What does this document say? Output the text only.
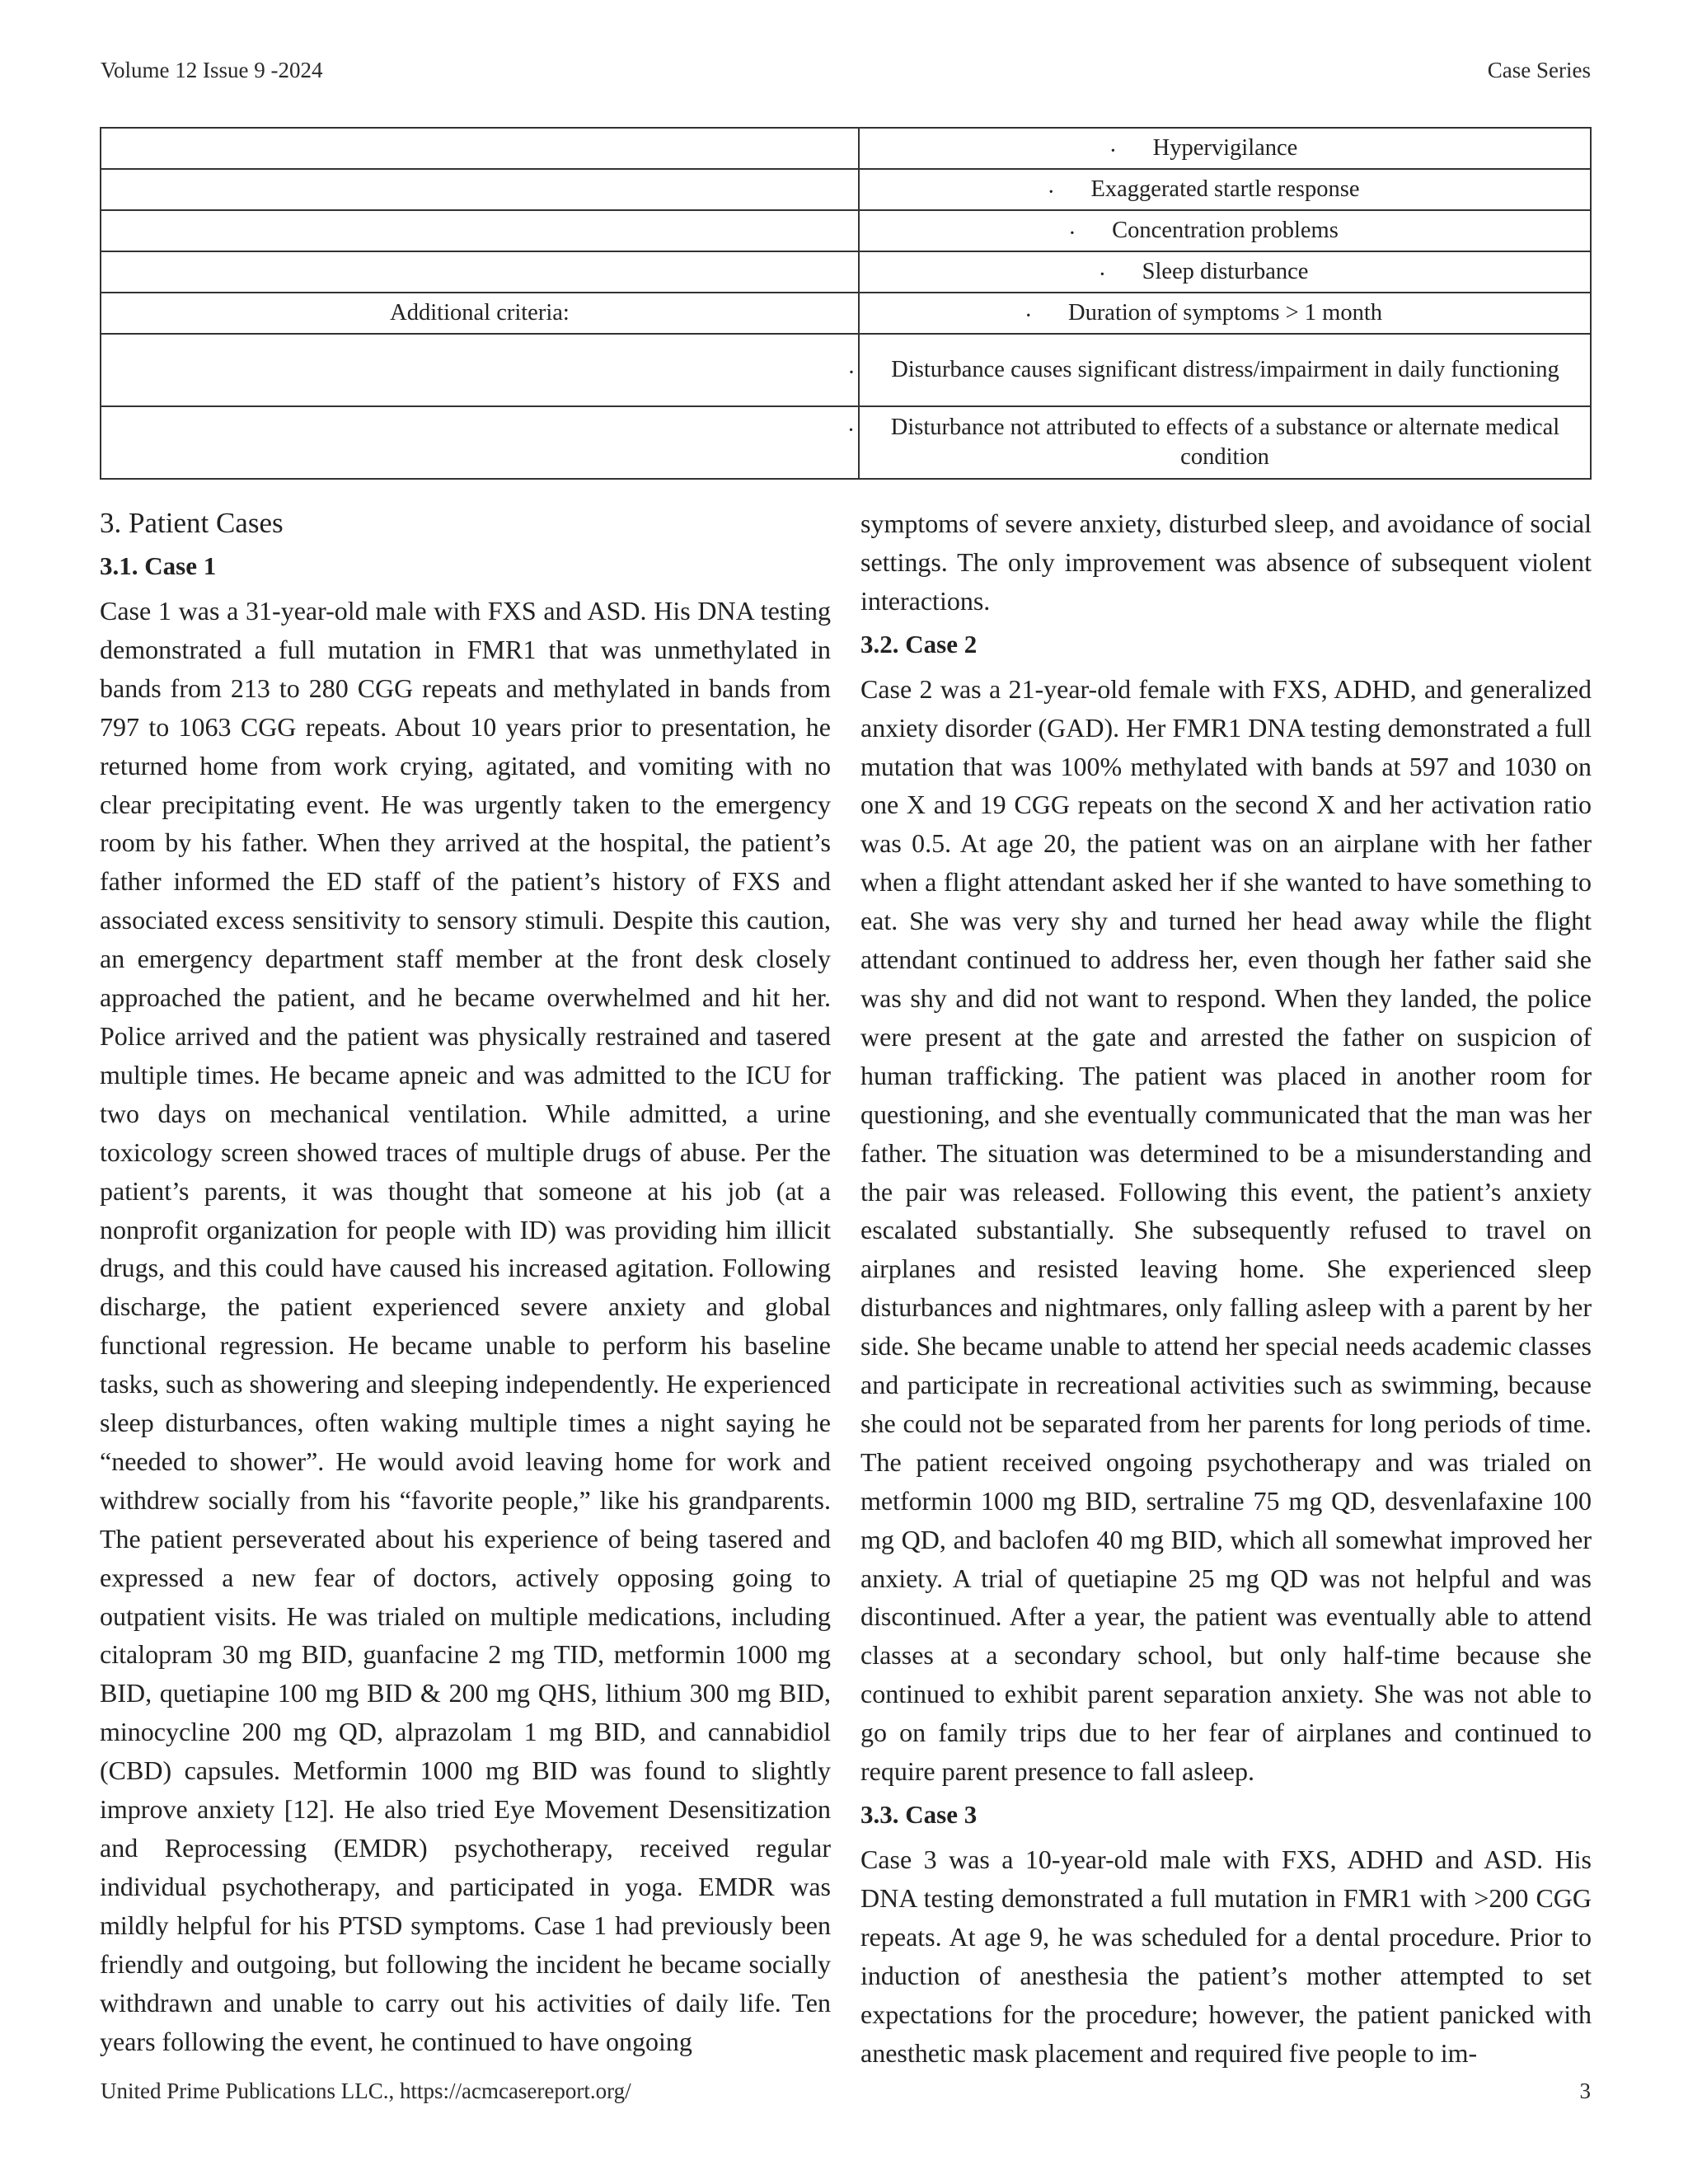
Volume 12 Issue 9 -2024	Case Series

	· Hypervigilance

	· Exaggerated startle response

	· Concentration problems

	· Sleep disturbance
Additional criteria:	· Duration of symptoms > 1 month

	· Disturbance causes significant distress/impairment in daily functioning

	· Disturbance not attributed to effects of a substance or alternate medical condition
3. Patient Cases
3.1. Case 1

Case 1 was a 31-year-old male with FXS and ASD. His DNA testing demonstrated a full mutation in FMR1 that was unmethylated in bands from 213 to 280 CGG repeats and methylated in bands from 797 to 1063 CGG repeats. About 10 years prior to presentation, he returned home from work crying, agitated, and vomiting with no clear precipitating event. He was urgently taken to the emergency room by his father. When they arrived at the hospital, the patient’s father informed the ED staff of the patient’s history of FXS and associated excess sensitivity to sensory stimuli. Despite this caution, an emergency department staff member at the front desk closely approached the patient, and he became overwhelmed and hit her. Police arrived and the patient was physically restrained and tasered multiple times. He became apneic and was admitted to the ICU for two days on mechanical ventilation. While admitted, a urine toxicology screen showed traces of multiple drugs of abuse. Per the patient’s parents, it was thought that someone at his job (at a nonprofit organization for people with ID) was providing him illicit drugs, and this could have caused his increased agitation. Following discharge, the patient experienced severe anxiety and global functional regression. He became unable to perform his baseline tasks, such as showering and sleeping independently. He experienced sleep disturbances, often waking multiple times a night saying he “needed to shower”. He would avoid leaving home for work and withdrew socially from his “favorite people,” like his grandparents. The patient perseverated about his experience of being tasered and expressed a new fear of doctors, actively opposing going to outpatient visits. He was trialed on multiple medications, including citalopram 30 mg BID, guanfacine 2 mg TID, metformin 1000 mg BID, quetiapine 100 mg BID & 200 mg QHS, lithium 300 mg BID, minocycline 200 mg QD, alprazolam 1 mg BID, and cannabidiol (CBD) capsules. Metformin 1000 mg BID was found to slightly improve anxiety [12]. He also tried Eye Movement Desensitization and Reprocessing (EMDR) psychotherapy, received regular individual psychotherapy, and participated in yoga. EMDR was mildly helpful for his PTSD symptoms. Case 1 had previously been friendly and outgoing, but following the incident he became socially withdrawn and unable to carry out his activities of daily life. Ten years following the event, he continued to have ongoing

symptoms of severe anxiety, disturbed sleep, and avoidance of social settings. The only improvement was absence of subsequent violent interactions.

3.2. Case 2

Case 2 was a 21-year-old female with FXS, ADHD, and generalized anxiety disorder (GAD). Her FMR1 DNA testing demonstrated a full mutation that was 100% methylated with bands at 597 and 1030 on one X and 19 CGG repeats on the second X and her activation ratio was 0.5. At age 20, the patient was on an airplane with her father when a flight attendant asked her if she wanted to have something to eat. She was very shy and turned her head away while the flight attendant continued to address her, even though her father said she was shy and did not want to respond. When they landed, the police were present at the gate and arrested the father on suspicion of human trafficking. The patient was placed in another room for questioning, and she eventually communicated that the man was her father. The situation was determined to be a misunderstanding and the pair was released. Following this event, the patient’s anxiety escalated substantially. She subsequently refused to travel on airplanes and resisted leaving home. She experienced sleep disturbances and nightmares, only falling asleep with a parent by her side. She became unable to attend her special needs academic classes and participate in recreational activities such as swimming, because she could not be separated from her parents for long periods of time. The patient received ongoing psychotherapy and was trialed on metformin 1000 mg BID, sertraline 75 mg QD, desvenlafaxine 100 mg QD, and baclofen 40 mg BID, which all somewhat improved her anxiety. A trial of quetiapine 25 mg QD was not helpful and was discontinued. After a year, the patient was eventually able to attend classes at a secondary school, but only half-time because she continued to exhibit parent separation anxiety. She was not able to go on family trips due to her fear of airplanes and continued to require parent presence to fall asleep.

3.3. Case 3

Case 3 was a 10-year-old male with FXS, ADHD and ASD. His DNA testing demonstrated a full mutation in FMR1 with >200 CGG repeats. At age 9, he was scheduled for a dental procedure. Prior to induction of anesthesia the patient’s mother attempted to set expectations for the procedure; however, the patient panicked with anesthetic mask placement and required five people to im-

United Prime Publications LLC., https://acmcasereport.org/	3
